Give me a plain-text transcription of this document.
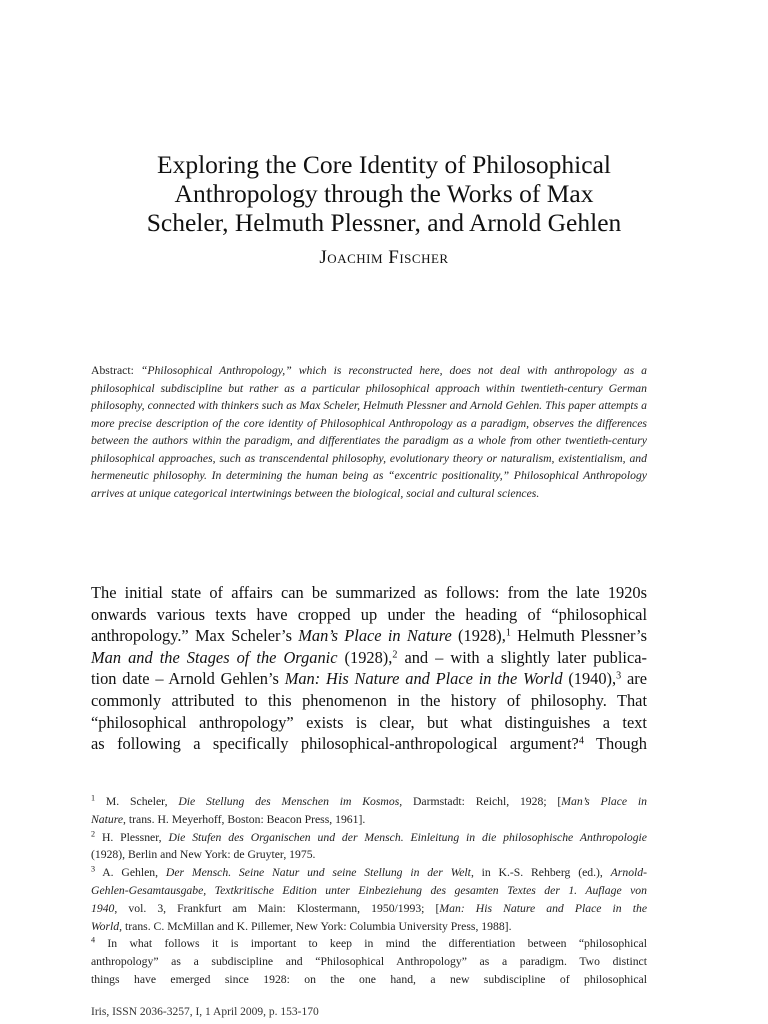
Exploring the Core Identity of Philosophical
Anthropology through the Works of Max
Scheler, Helmuth Plessner, and Arnold Gehlen

Joachim Fischer

Abstract: “Philosophical Anthropology,” which is reconstructed here, does not deal with anthropology as a philosophical subdiscipline but rather as a particular philosophical approach within twentieth-century German philosophy, connected with thinkers such as Max Scheler, Helmuth Plessner and Arnold Gehlen. This paper attempts a more precise description of the core identity of Philosophical Anthropology as a paradigm, observes the differences between the authors within the paradigm, and differentiates the paradigm as a whole from other twentieth-century philosophical approaches, such as transcendental philosophy, evolutionary theory or naturalism, existentialism, and hermeneutic philosophy. In determining the human being as “excentric positionality,” Philosophical Anthropology arrives at unique categorical intertwinings between the biological, social and cultural sciences.

The initial state of affairs can be summarized as follows: from the late 1920s
onwards various texts have cropped up under the heading of “philosophical
anthropology.” Max Scheler’s Man’s Place in Nature (1928),$^1$ Helmuth Plessner’s
Man and the Stages of the Organic (1928),$^2$ and – with a slightly later publica-
tion date – Arnold Gehlen’s Man: His Nature and Place in the World (1940),$^3$ are
commonly attributed to this phenomenon in the history of philosophy. That
“philosophical anthropology” exists is clear, but what distinguishes a text
as following a specifically philosophical-anthropological argument?$^4$ Though

$^1$ M. Scheler, Die Stellung des Menschen im Kosmos, Darmstadt: Reichl, 1928; [Man’s Place in
Nature, trans. H. Meyerhoff, Boston: Beacon Press, 1961].

$^2$ H. Plessner, Die Stufen des Organischen und der Mensch. Einleitung in die philosophische Anthropologie
(1928), Berlin and New York: de Gruyter, 1975.

$^3$ A. Gehlen, Der Mensch. Seine Natur und seine Stellung in der Welt, in K.-S. Rehberg (ed.), Arnold-
Gehlen-Gesamtausgabe, Textkritische Edition unter Einbeziehung des gesamten Textes der 1. Auflage von
1940, vol. 3, Frankfurt am Main: Klostermann, 1950/1993; [Man: His Nature and Place in the
World, trans. C. McMillan and K. Pillemer, New York: Columbia University Press, 1988].

$^4$ In what follows it is important to keep in mind the differentiation between “philosophical
anthropology” as a subdiscipline and “Philosophical Anthropology” as a paradigm. Two distinct
things have emerged since 1928: on the one hand, a new subdiscipline of philosophical

Iris, ISSN 2036-3257, I, 1 April 2009, p. 153-170
